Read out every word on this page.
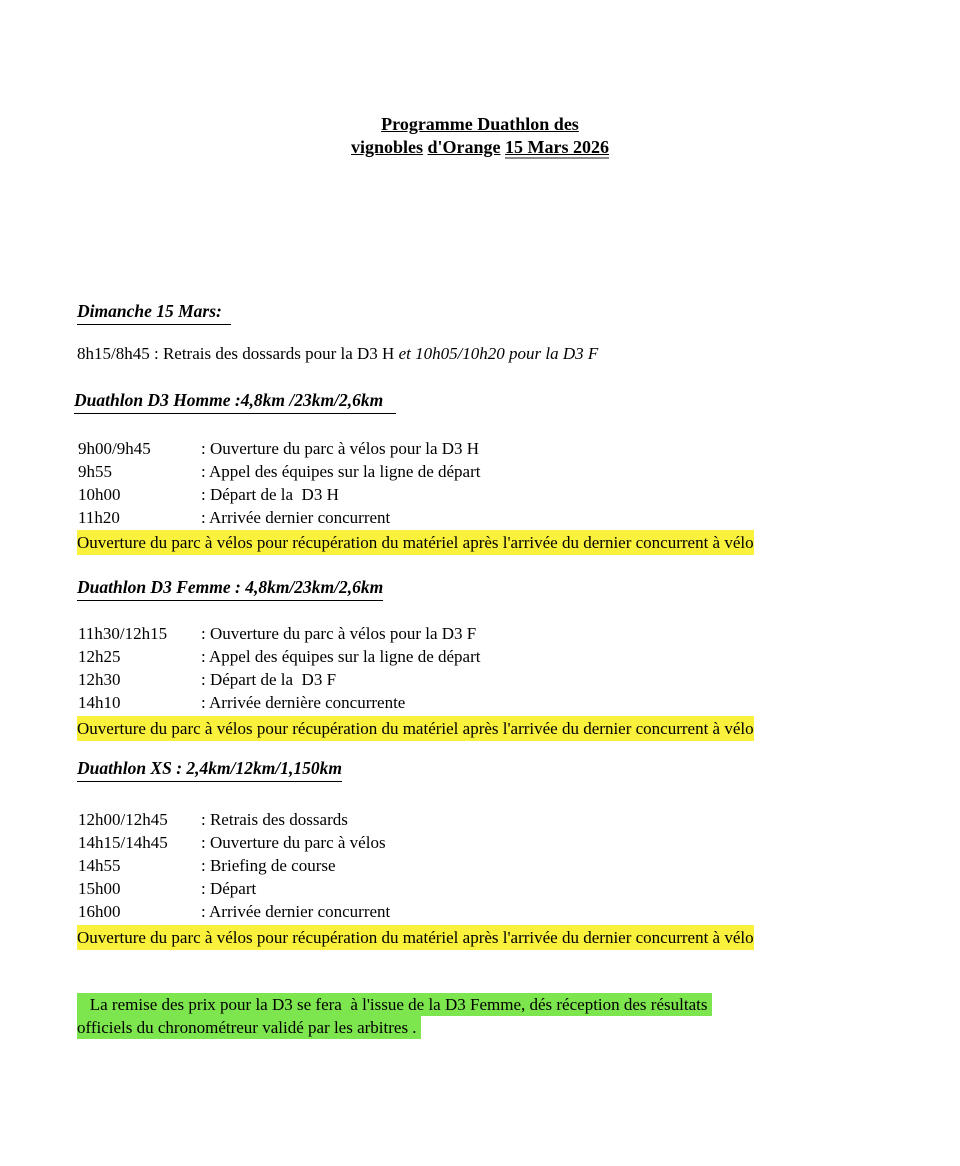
Programme Duathlon des
vignobles d'Orange 15 Mars 2026
Dimanche 15 Mars:
8h15/8h45 : Retrais des dossards pour la D3 H et 10h05/10h20 pour la D3 F
Duathlon D3 Homme :4,8km /23km/2,6km
9h00/9h45	: Ouverture du parc à vélos pour la D3 H
9h55	: Appel des équipes sur la ligne de départ
10h00	: Départ de la  D3 H
11h20	: Arrivée dernier concurrent
Ouverture du parc à vélos pour récupération du matériel après l'arrivée du dernier concurrent à vélo
Duathlon D3 Femme : 4,8km/23km/2,6km
11h30/12h15	: Ouverture du parc à vélos pour la D3 F
12h25	: Appel des équipes sur la ligne de départ
12h30	: Départ de la  D3 F
14h10	: Arrivée dernière concurrente
Ouverture du parc à vélos pour récupération du matériel après l'arrivée du dernier concurrent à vélo
Duathlon XS : 2,4km/12km/1,150km
12h00/12h45	: Retrais des dossards
14h15/14h45	: Ouverture du parc à vélos
14h55	: Briefing de course
15h00	: Départ
16h00	: Arrivée dernier concurrent
Ouverture du parc à vélos pour récupération du matériel après l'arrivée du dernier concurrent à vélo
La remise des prix pour la D3 se fera  à l'issue de la D3 Femme, dés réception des résultats
officiels du chronométreur validé par les arbitres .
